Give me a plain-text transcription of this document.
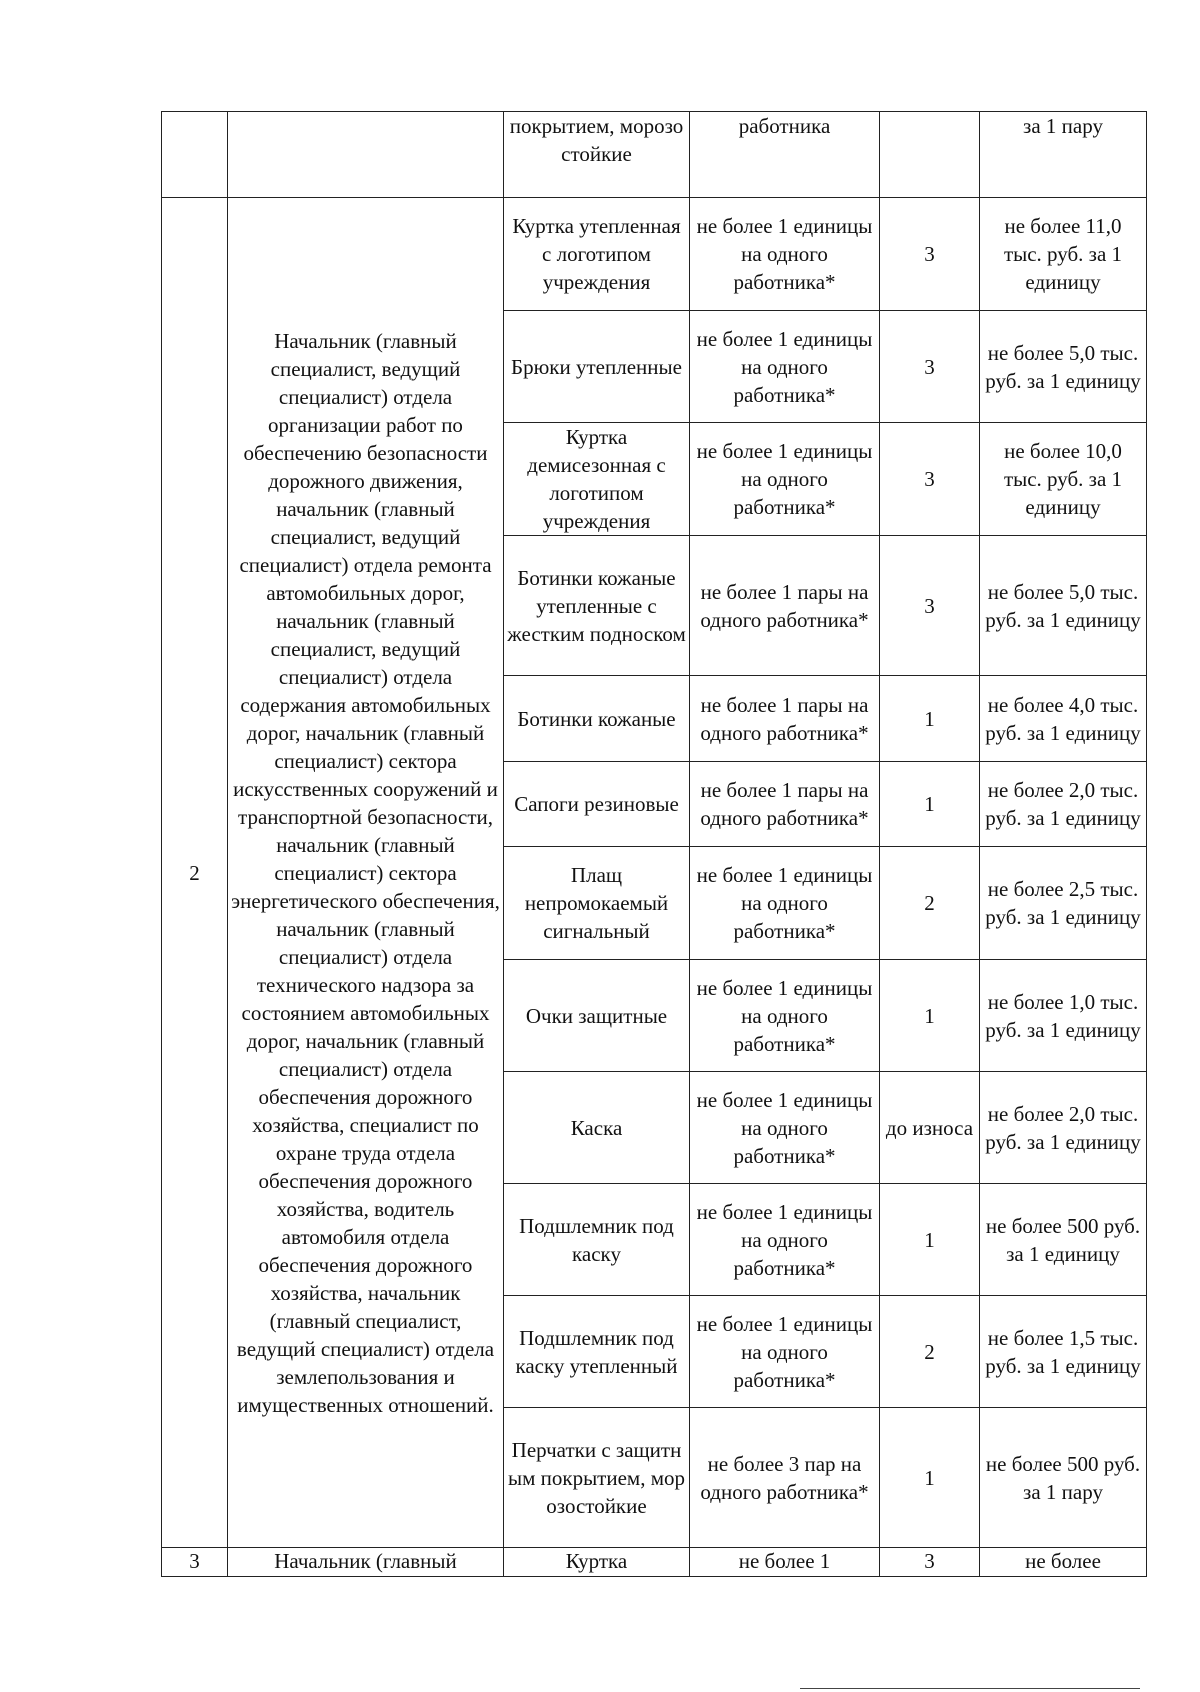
		покрытием, морозостойкие	работника		за 1 пару
2	Начальник (главный специалист, ведущий специалист) отдела организации работ по обеспечению безопасности дорожного движения, начальник (главный специалист, ведущий специалист) отдела ремонта автомобильных дорог, начальник (главный специалист, ведущий специалист) отдела содержания автомобильных дорог, начальник (главный специалист) сектора искусственных сооружений и транспортной безопасности, начальник (главный специалист) сектора энергетического обеспечения, начальник (главный специалист) отдела технического надзора за состоянием автомобильных дорог, начальник (главный специалист) отдела обеспечения дорожного хозяйства, специалист по охране труда отдела обеспечения дорожного хозяйства, водитель автомобиля отдела обеспечения дорожного хозяйства, начальник (главный специалист, ведущий специалист) отдела землепользования и имущественных отношений.	Куртка утепленная с логотипом учреждения	не более 1 единицы на одного работника*	3	не более 11,0 тыс. руб. за 1 единицу
		Брюки утепленные	не более 1 единицы на одного работника*	3	не более 5,0 тыс. руб. за 1 единицу
		Куртка демисезонная с логотипом учреждения	не более 1 единицы на одного работника*	3	не более 10,0 тыс. руб. за 1 единицу
		Ботинки кожаные утепленные с жестким подноском	не более 1 пары на одного работника*	3	не более 5,0 тыс. руб. за 1 единицу
		Ботинки кожаные	не более 1 пары на одного работника*	1	не более 4,0 тыс. руб. за 1 единицу
		Сапоги резиновые	не более 1 пары на одного работника*	1	не более 2,0 тыс. руб. за 1 единицу
		Плащ непромокаемый сигнальный	не более 1 единицы на одного работника*	2	не более 2,5 тыс. руб. за 1 единицу
		Очки защитные	не более 1 единицы на одного работника*	1	не более 1,0 тыс. руб. за 1 единицу
		Каска	не более 1 единицы на одного работника*	до износа	не более 2,0 тыс. руб. за 1 единицу
		Подшлемник под каску	не более 1 единицы на одного работника*	1	не более 500 руб. за 1 единицу
		Подшлемник под каску утепленный	не более 1 единицы на одного работника*	2	не более 1,5 тыс. руб. за 1 единицу
		Перчатки с защитным покрытием, морозостойкие	не более 3 пар на одного работника*	1	не более 500 руб. за 1 пару
3	Начальник (главный	Куртка	не более 1	3	не более
